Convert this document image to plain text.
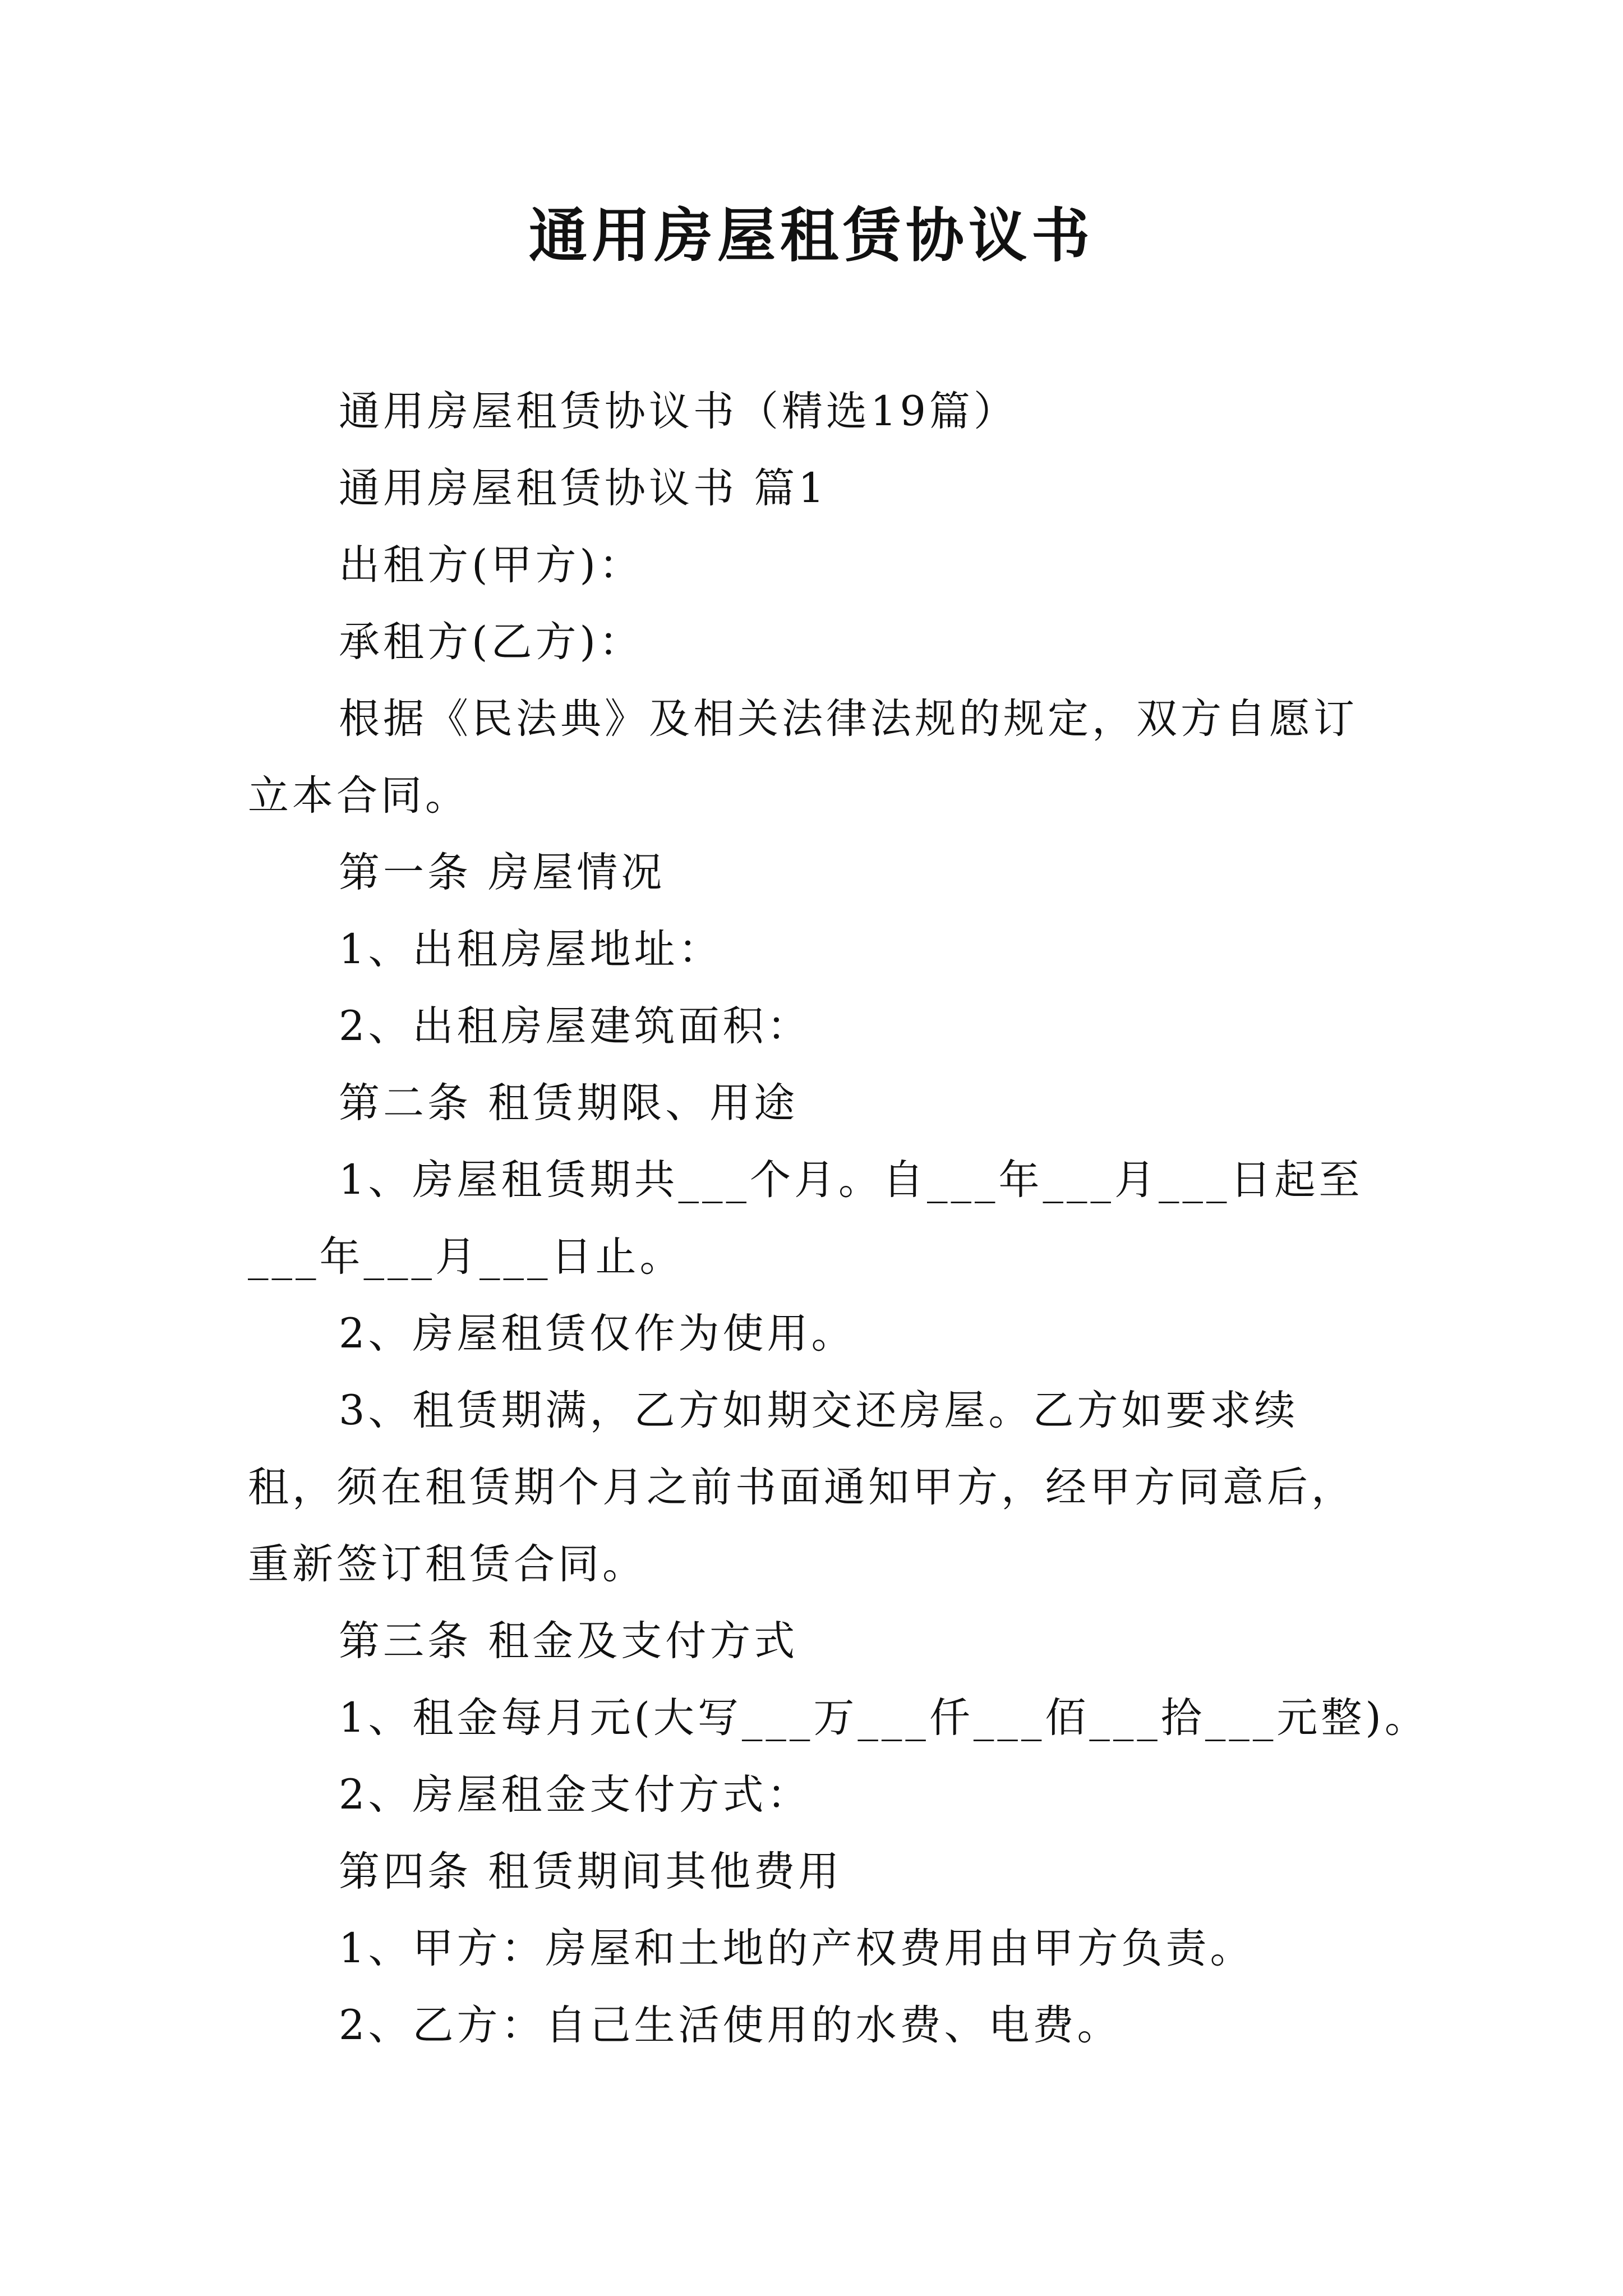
通用房屋租赁协议书

通用房屋租赁协议书（精选19篇）

通用房屋租赁协议书 篇1

出租方(甲方)：

承租方(乙方)：

根据《民法典》及相关法律法规的规定，双方自愿订立本合同。

第一条 房屋情况

1、出租房屋地址：

2、出租房屋建筑面积：

第二条 租赁期限、用途

1、房屋租赁期共___个月。自___年___月___日起至___年___月___日止。

2、房屋租赁仅作为使用。

3、租赁期满，乙方如期交还房屋。乙方如要求续租，须在租赁期个月之前书面通知甲方，经甲方同意后，重新签订租赁合同。

第三条 租金及支付方式

1、租金每月元(大写___万___仟___佰___拾___元整)。

2、房屋租金支付方式：

第四条 租赁期间其他费用

1、甲方：房屋和土地的产权费用由甲方负责。

2、乙方：自己生活使用的水费、电费。
